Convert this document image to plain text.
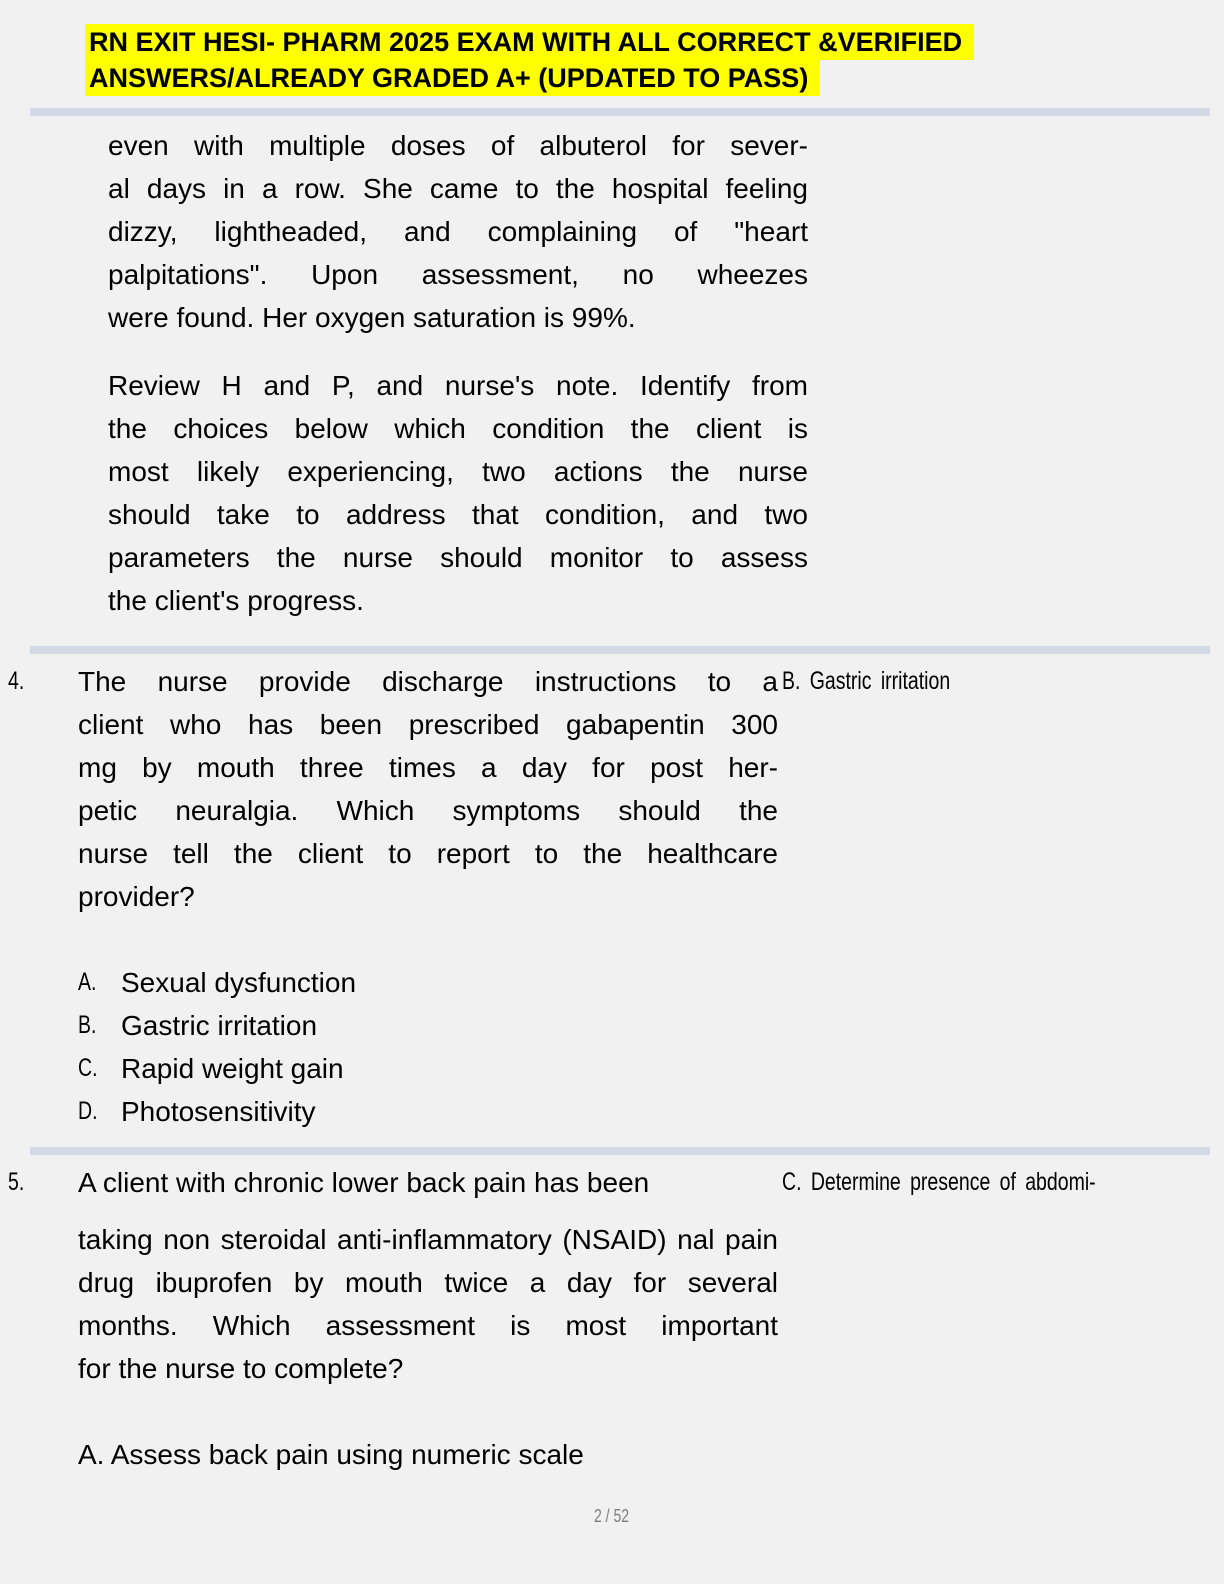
RN EXIT HESI- PHARM 2025 EXAM WITH ALL CORRECT &VERIFIED
ANSWERS/ALREADY GRADED A+ (UPDATED TO PASS)
even with multiple doses of albuterol for sever-
al days in a row. She came to the hospital feeling
dizzy, lightheaded, and complaining of "heart
palpitations". Upon assessment, no wheezes
were found. Her oxygen saturation is 99%.
Review H and P, and nurse's note. Identify from
the choices below which condition the client is
most likely experiencing, two actions the nurse
should take to address that condition, and two
parameters the nurse should monitor to assess
the client's progress.
4.	The nurse provide discharge instructions to a
client who has been prescribed gabapentin 300
mg by mouth three times a day for post her-
petic neuralgia. Which symptoms should the
nurse tell the client to report to the healthcare
provider?
A. Sexual dysfunction
B. Gastric irritation
C. Rapid weight gain
D. Photosensitivity
B. Gastric irritation
5.	A client with chronic lower back pain has been
taking non steroidal anti-inflammatory (NSAID) nal pain
drug ibuprofen by mouth twice a day for several
months. Which assessment is most important
for the nurse to complete?
A. Assess back pain using numeric scale
C. Determine presence of abdomi-
2 / 52
